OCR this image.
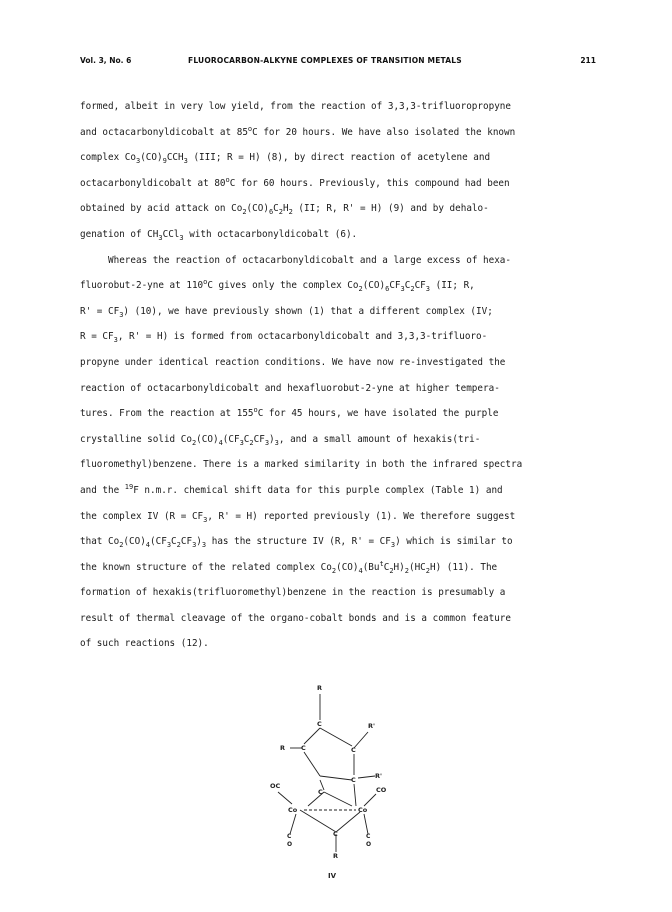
Vol. 3, No. 6	FLUOROCARBON-ALKYNE COMPLEXES OF TRANSITION METALS	211
formed, albeit in very low yield, from the reaction of 3,3,3-trifluoropropyne
and octacarbonyldicobalt at 85$^o$C for 20 hours. We have also isolated the known
complex $Co_3(CO)_9CCH_3$ (III; R = H) (8), by direct reaction of acetylene and
octacarbonyldicobalt at 80$^o$C for 60 hours. Previously, this compound had been
obtained by acid attack on $Co_2(CO)_6C_2H_2$ (II; R, R' = H) (9) and by dehalo-
genation of $CH_3CCl_3$ with octacarbonyldicobalt (6).
Whereas the reaction of octacarbonyldicobalt and a large excess of hexa-
fluorobut-2-yne at 110$^o$C gives only the complex $Co_2(CO)_6CF_3C_2CF_3$ (II; R,
$R' = CF_3$) (10), we have previously shown (1) that a different complex (IV;
$R = CF_3$, R' = H) is formed from octacarbonyldicobalt and 3,3,3-trifluoro-
propyne under identical reaction conditions. We have now re-investigated the
reaction of octacarbonyldicobalt and hexafluorobut-2-yne at higher tempera-
tures. From the reaction at 155$^o$C for 45 hours, we have isolated the purple
crystalline solid $Co_2(CO)_4(CF_3C_2CF_3)_3$, and a small amount of hexakis(tri-
fluoromethyl)benzene. There is a marked similarity in both the infrared spectra
and the $^{19}$F n.m.r. chemical shift data for this purple complex (Table 1) and
the complex IV ($R = CF_3$, R' = H) reported previously (1). We therefore suggest
that $Co_2(CO)_4(CF_3C_2CF_3)_3$ has the structure IV (R, $R' = CF_3$) which is similar to
the known structure of the related complex $Co_2(CO)_4(Bu^tC_2H)_2(HC_2H)$ (11). The
formation of hexakis(trifluoromethyl)benzene in the reaction is presumably a
result of thermal cleavage of the organo-cobalt bonds and is a common feature
of such reactions (12).
R
C	R'
C
R C
R'
C
C
OC	CO
Co	Co
C
R
C
O
C
O
IV
